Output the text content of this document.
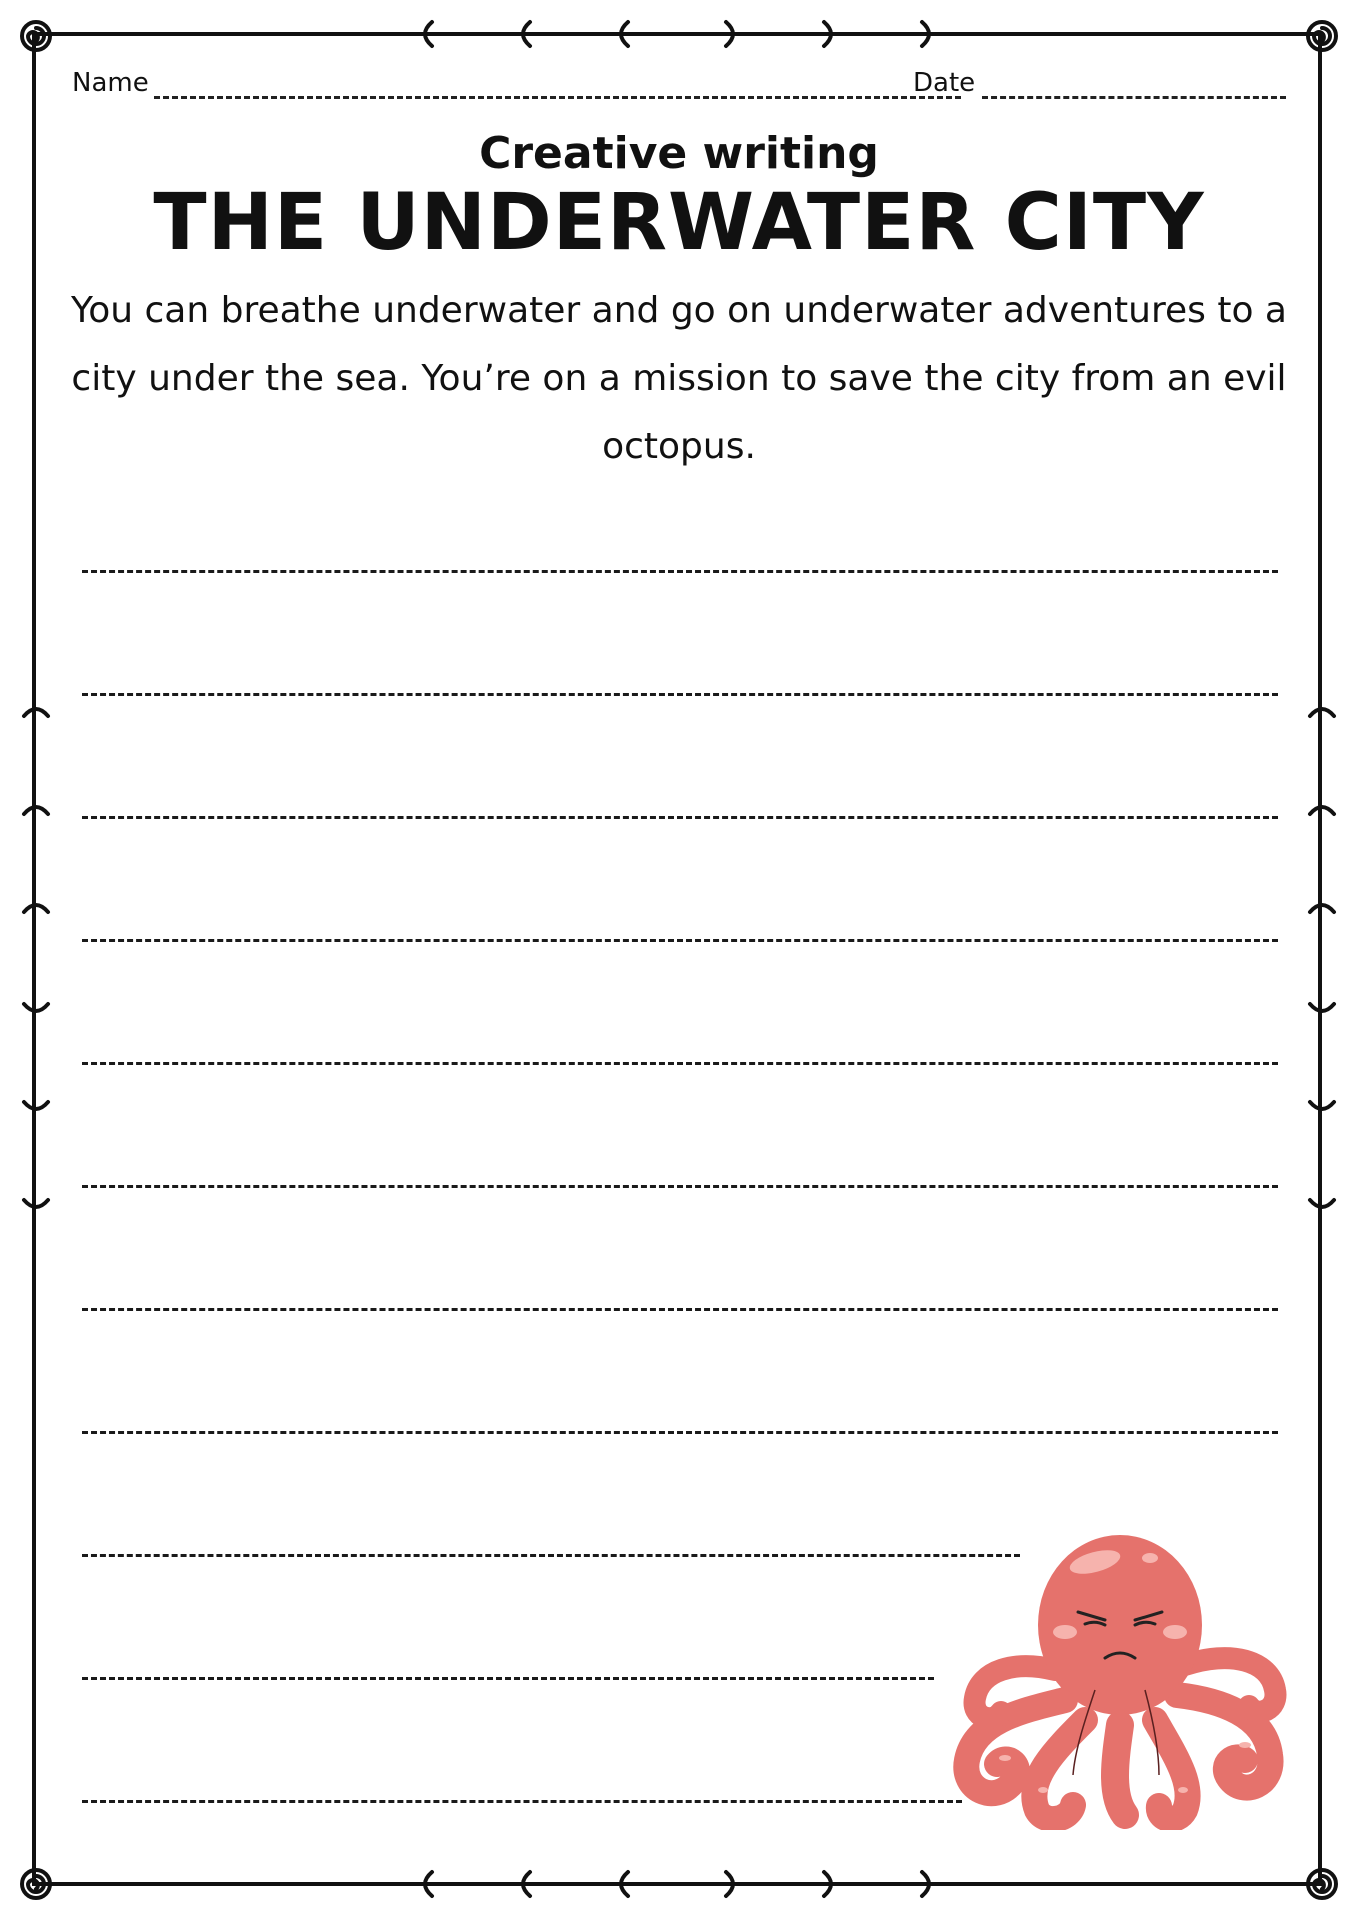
Name	Date
Creative writing
THE UNDERWATER CITY
You can breathe underwater and go on underwater adventures to a city under the sea. You’re on a mission to save the city from an evil octopus.
